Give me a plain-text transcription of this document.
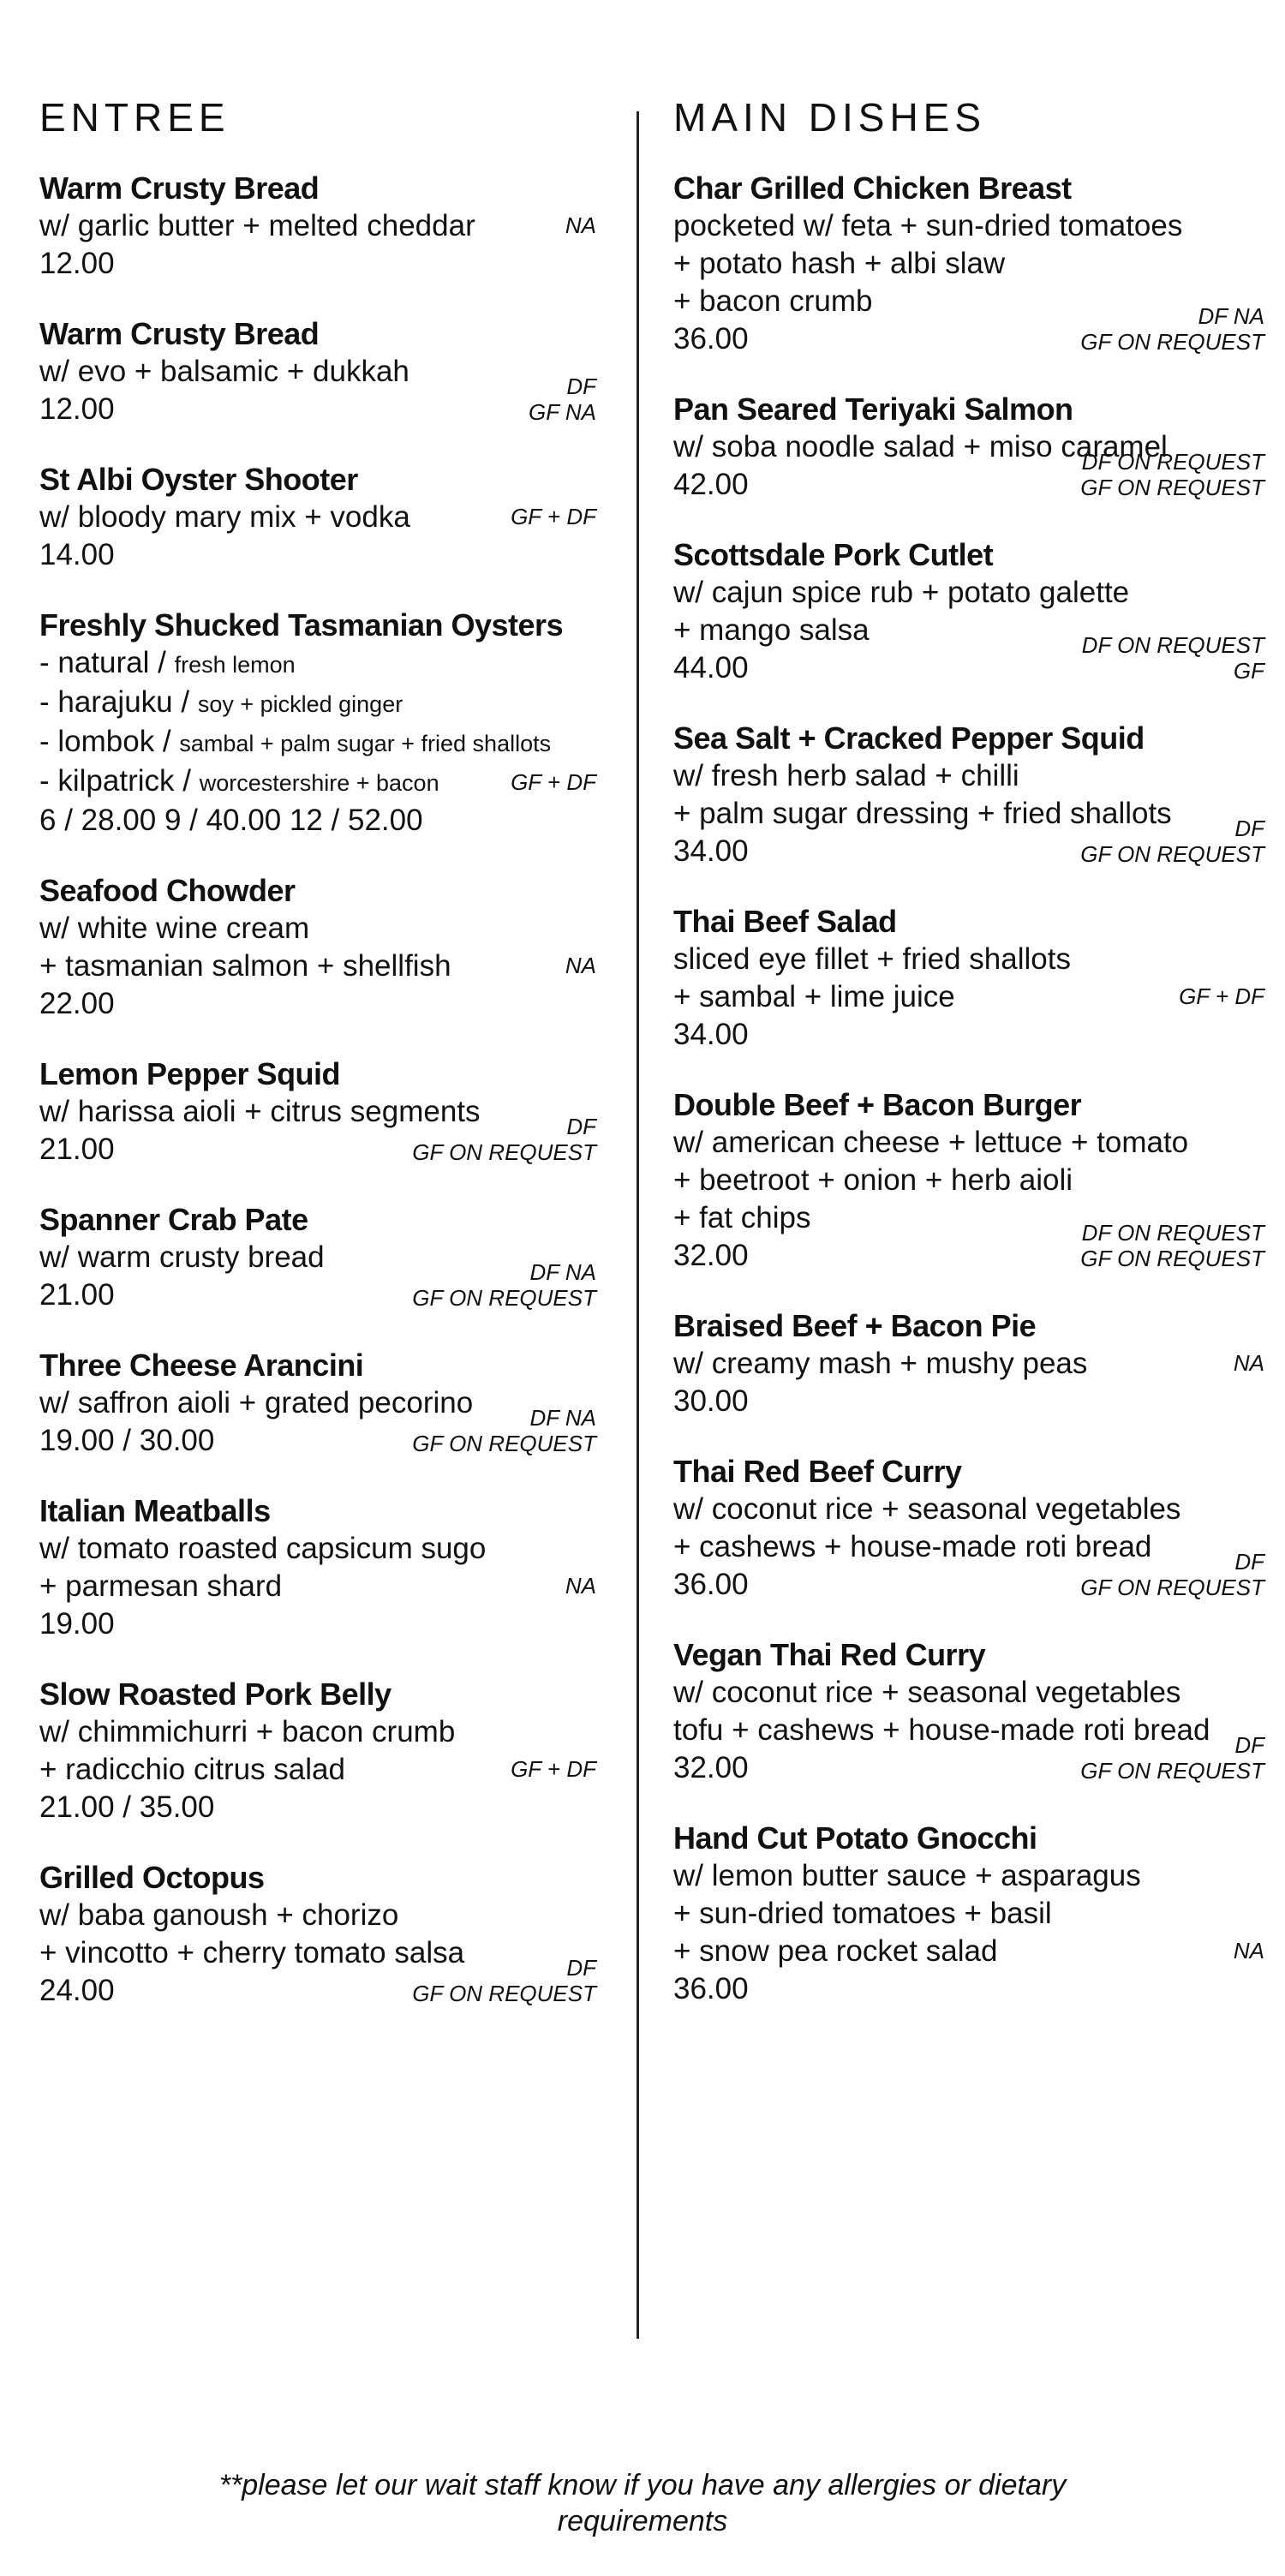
ENTREE
Warm Crusty Bread
w/ garlic butter + melted cheddar
12.00
NA
Warm Crusty Bread
w/ evo + balsamic + dukkah
12.00
DF
GF NA
St Albi Oyster Shooter
w/ bloody mary mix + vodka
14.00
GF + DF
Freshly Shucked Tasmanian Oysters
- natural / fresh lemon
- harajuku / soy + pickled ginger
- lombok / sambal + palm sugar + fried shallots
- kilpatrick / worcestershire + bacon
6 / 28.00 9 / 40.00 12 / 52.00
GF + DF
Seafood Chowder
w/ white wine cream
+ tasmanian salmon + shellfish
22.00
NA
Lemon Pepper Squid
w/ harissa aioli + citrus segments
21.00
DF
GF ON REQUEST
Spanner Crab Pate
w/ warm crusty bread
21.00
DF NA
GF ON REQUEST
Three Cheese Arancini
w/ saffron aioli + grated pecorino
19.00 / 30.00
DF NA
GF ON REQUEST
Italian Meatballs
w/ tomato roasted capsicum sugo
+ parmesan shard
19.00
NA
Slow Roasted Pork Belly
w/ chimmichurri + bacon crumb
+ radicchio citrus salad
21.00 / 35.00
GF + DF
Grilled Octopus
w/ baba ganoush + chorizo
+ vincotto + cherry tomato salsa
24.00
DF
GF ON REQUEST
MAIN DISHES
Char Grilled Chicken Breast
pocketed w/ feta + sun-dried tomatoes
+ potato hash + albi slaw
+ bacon crumb
36.00
DF NA
GF ON REQUEST
Pan Seared Teriyaki Salmon
w/ soba noodle salad + miso caramel
42.00
DF ON REQUEST
GF ON REQUEST
Scottsdale Pork Cutlet
w/ cajun spice rub + potato galette
+ mango salsa
44.00
DF ON REQUEST
GF
Sea Salt + Cracked Pepper Squid
w/ fresh herb salad + chilli
+ palm sugar dressing + fried shallots
34.00
DF
GF ON REQUEST
Thai Beef Salad
sliced eye fillet + fried shallots
+ sambal + lime juice
34.00
GF + DF
Double Beef + Bacon Burger
w/ american cheese + lettuce + tomato
+ beetroot + onion + herb aioli
+ fat chips
32.00
DF ON REQUEST
GF ON REQUEST
Braised Beef + Bacon Pie
w/ creamy mash + mushy peas
30.00
NA
Thai Red Beef Curry
w/ coconut rice + seasonal vegetables
+ cashews + house-made roti bread
36.00
DF
GF ON REQUEST
Vegan Thai Red Curry
w/ coconut rice + seasonal vegetables
tofu + cashews + house-made roti bread
32.00
DF
GF ON REQUEST
Hand Cut Potato Gnocchi
w/ lemon butter sauce + asparagus
+ sun-dried tomatoes + basil
+ snow pea rocket salad
36.00
NA
**please let our wait staff know if you have any allergies or dietary
requirements
